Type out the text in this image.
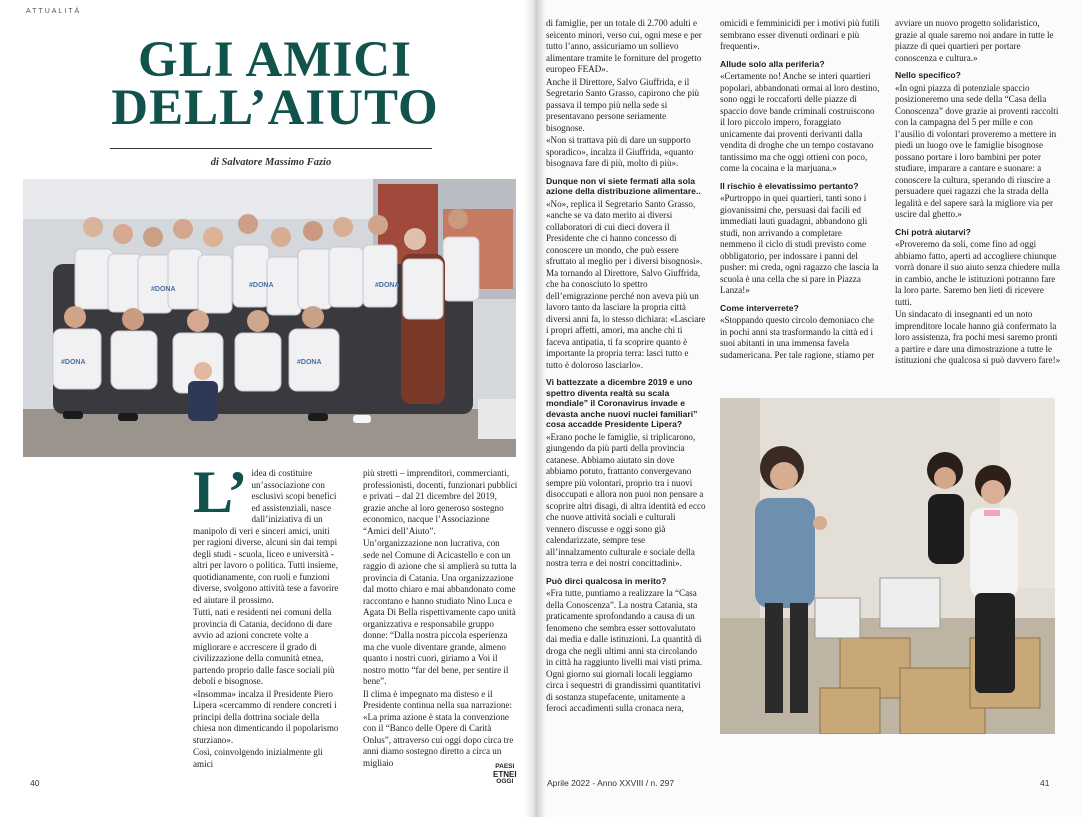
ATTUALITÀ
GLI AMICI
DELL’AIUTO
di Salvatore Massimo Fazio
#DONA
#DONA	#DONA
#DONA	#DONA
L’ idea di costituire un’associazione con esclusivi scopi benefici ed assistenziali, nasce dall’iniziativa di un manipolo di veri e sinceri amici, uniti per ragioni diverse, alcuni sin dai tempi degli studi - scuola, liceo e università - altri per lavoro o politica. Tutti insieme, quotidianamente, con ruoli e funzioni diverse, svolgono attività tese a favorire ed aiutare il prossimo.

Tutti, nati e residenti nei comuni della provincia di Catania, decidono di dare avvio ad azioni concrete volte a migliorare e accrescere il grado di civilizzazione della comunità etnea, partendo proprio dalle fasce sociali più deboli e bisognose.

«Insomma» incalza il Presidente Piero Lipera «cercammo di rendere concreti i principi della dottrina sociale della chiesa non dimenticando il popolarismo sturziano».

Così, coinvolgendo inizialmente gli amici

più stretti – imprenditori, commercianti, professionisti, docenti, funzionari pubblici e privati – dal 21 dicembre del 2019, grazie anche al loro generoso sostegno economico, nacque l’Associazione “Amici dell’Aiuto”.

Un’organizzazione non lucrativa, con sede nel Comune di Acicastello e con un raggio di azione che si amplierà su tutta la provincia di Catania. Una organizzazione dal motto chiaro e mai abbandonato come raccontano e hanno studiato Nino Luca e Agata Di Bella rispettivamente capo unità organizzativa e responsabile gruppo donne: “Dalla nostra piccola esperienza ma che vuole diventare grande, almeno quanto i nostri cuori, giriamo a Voi il nostro motto “far del bene, per sentire il bene”.

Il clima è impegnato ma disteso e il Presidente continua nella sua narrazione: «La prima azione è stata la convenzione con il “Banco delle Opere di Carità Onlus”, attraverso cui oggi dopo circa tre anni diamo sostegno diretto a circa un migliaio

40
PAESI
ETNEI
OGGI

di famiglie, per un totale di 2.700 adulti e seicento minori, verso cui, ogni mese e per tutto l’anno, assicuriamo un sollievo alimentare tramite le forniture del progetto europeo FEAD».

Anche il Direttore, Salvo Giuffrida, e il Segretario Santo Grasso, capirono che più passava il tempo più nella sede si presentavano persone seriamente bisognose.

«Non si trattava più di dare un supporto sporadico», incalza il Giuffrida, «quanto bisognava fare di più, molto di più».

Dunque non vi siete fermati alla sola azione della distribuzione alimentare..

«No», replica il Segretario Santo Grasso, «anche se va dato merito ai diversi collaboratori di cui dieci dovera il Presidente che ci hanno concesso di conoscere un mondo, che può essere sfruttato al meglio per i diversi bisognosi». Ma tornando al Direttore, Salvo Giuffrida, che ha conosciuto lo spettro dell’emigrazione perché non aveva più un lavoro tanto da lasciare la propria città diversi anni fa, lo stesso dichiara: «Lasciare i propri affetti, amori, ma anche chi ti faceva antipatia, ti fa scoprire quanto è importante la propria terra: lasci tutto e tutto è doloroso lasciarlo».

Vi battezzate a dicembre 2019 e uno spettro diventa realtà su scala mondiale” il Coronavirus invade e devasta anche nuovi nuclei familiari” cosa accadde Presidente Lipera?

«Erano poche le famiglie, si triplicarono, giungendo da più parti della provincia catanese. Abbiamo aiutato sin dove abbiamo potuto, frattanto convergevano sempre più volontari, proprio tra i nuovi disoccupati e allora non puoi non pensare a scoprire altri disagi, di altra identità ed ecco che nuove attività sociali e culturali vennero discusse e oggi sono già calendarizzate, sempre tese all’innalzamento culturale e sociale della nostra terra e dei nostri concittadini».

Può dirci qualcosa in merito?

«Fra tutte, puntiamo a realizzare la “Casa della Conoscenza”. La nostra Catania, sta praticamente sprofondando a causa di un fenomeno che sembra esser sottovalutato dai media e dalle istituzioni. La quantità di droga che negli ultimi anni sta circolando in città ha raggiunto livelli mai visti prima. Ogni giorno sui giornali locali leggiamo circa i sequestri di grandissimi quantitativi di sostanza stupefacente, unitamente a feroci accadimenti sulla cronaca nera,

omicidi e femminicidi per i motivi più futili sembrano esser divenuti ordinari e più frequenti».

Allude solo alla periferia?

«Certamente no! Anche se interi quartieri popolari, abbandonati ormai al loro destino, sono oggi le roccaforti delle piazze di spaccio dove bande criminali costruiscono il loro piccolo impero, foraggiato unicamente dai proventi derivanti dalla vendita di droghe che un tempo costavano tantissimo ma che oggi ottieni con poco, come la cocaina e la marjuana.»

Il rischio è elevatissimo pertanto?

«Purtroppo in quei quartieri, tanti sono i giovanissimi che, persuasi dai facili ed immediati lauti guadagni, abbandono gli studi, non arrivando a completare nemmeno il ciclo di studi previsto come obbligatorio, per indossare i panni del pusher: mi creda, ogni ragazzo che lascia la scuola è una cella che si pare in Piazza Lanza!»

Come interverrete?

«Stoppando questo circolo demoniaco che in pochi anni sta trasformando la città ed i suoi abitanti in una immensa favela sudamericana. Per tale ragione, stiamo per

avviare un nuovo progetto solidaristico, grazie al quale saremo noi andare in tutte le piazze di quei quartieri per portare conoscenza e cultura.»

Nello specifico?

«In ogni piazza di potenziale spaccio posizioneremo una sede della “Casa della Conoscenza” dove grazie ai proventi raccolti con la campagna del 5 per mille e con l’ausilio di volontari proveremo a mettere in piedi un luogo ove le famiglie bisognose possano portare i loro bambini per poter studiare, imparare a cantare e suonare: a conoscere la cultura, sperando di riuscire a persuadere quei ragazzi che la strada della legalità e del sapere sarà la migliore via per uscire dal ghetto.»

Chi potrà aiutarvi?

«Proveremo da soli, come fino ad oggi abbiamo fatto, aperti ad accogliere chiunque vorrà donare il suo aiuto senza chiedere nulla in cambio, anche le istituzioni potranno fare la loro parte. Saremo ben lieti di ricevere tutti.

Un sindacato di insegnanti ed un noto imprenditore locale hanno già confermato la loro assistenza, fra pochi mesi saremo pronti a partire e dare una dimostrazione a tutte le istituzioni che qualcosa si può davvero fare!»

Aprile 2022 - Anno XXVIII / n. 297	41
